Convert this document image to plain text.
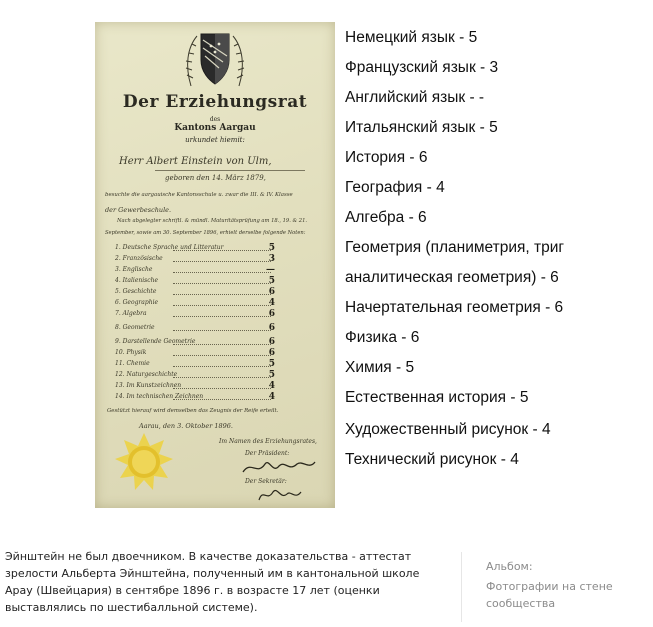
Der Erziehungsrat
des
Kantons Aargau
urkundet hiemit:
Herr Albert Einstein von Ulm,
geboren den 14. März 1879,
besuchte die aargauische Kantonsschule u. zwar die III. & IV. Klasse
der Gewerbeschule.
Nach abgelegter schriftl. & mündl. Maturitätsprüfung am 18., 19. & 21.
September, sowie am 30. September 1896, erhielt derselbe folgende Noten:
1. Deutsche Sprache und Litteratur	5
2. Französische	3
3. Englische	—
4. Italienische	5
5. Geschichte	6
6. Geographie	4
7. Algebra	6
8. Geometrie	6
9. Darstellende Geometrie	6
10. Physik	6
11. Chemie	5
12. Naturgeschichte	5
13. Im Kunstzeichnen	4
14. Im technischen Zeichnen	4
Gestützt hierauf wird demselben das Zeugnis der Reife erteilt.
Aarau, den 3. Oktober 1896.
Im Namen des Erziehungsrates,
Der Präsident:
Der Sekretär:
Немецкий язык - 5
Французский язык - 3
Английский язык - -
Итальянский язык - 5
История - 6
География - 4
Алгебра - 6
Геометрия (планиметрия, триг
аналитическая геометрия) - 6
Начертательная геометрия - 6
Физика - 6
Химия - 5
Естественная история - 5
Художественный рисунок - 4
Технический рисунок - 4
Эйнштейн не был двоечником. В качестве доказательства - аттестат зрелости Альберта Эйнштейна, полученный им в кантональной школе Арау (Швейцария) в сентябре 1896 г. в возрасте 17 лет (оценки выставлялись по шестибалльной системе).
Альбом:
Фотографии на стене сообщества
